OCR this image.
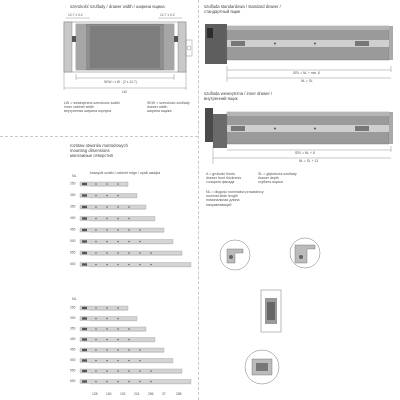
szerokość szuflady / drawer width / ширина ящика
12.7 ± 0.2	12.7 ± 0.2
SKW = LW - (2 x 12.7)
LW
LW = wewnętrzna szerokość szafki
inner cabinet width
внутренняя ширина корпуса
SKW = szerokość szuflady
drawer width
ширина ящика
szuflada standardowa / standard drawer /
стандартный ящик
SRL = NL + min. 8
NL = SL
szuflada wewnętrzna / inner drawer /
внутренний ящик
SRL = NL + 8
NL = SL + 13
A = grubość frontu
drawer front thickness
толщина фасада
SL = głębokość szuflady
drawer depth
глубина ящика
NL = długość nominalna prowadnicy
nominal slide length
номинальная длина
направляющей
rozstaw otworów montażowych
mounting dimensions
монтажные отверстия
krawędź szafki / cabinet edge / край шкафа
NL
250
300
350
400
450
500
550
600
NL
250
300
350
400
450
500
550
600
128	160	192	224	256	37	288
